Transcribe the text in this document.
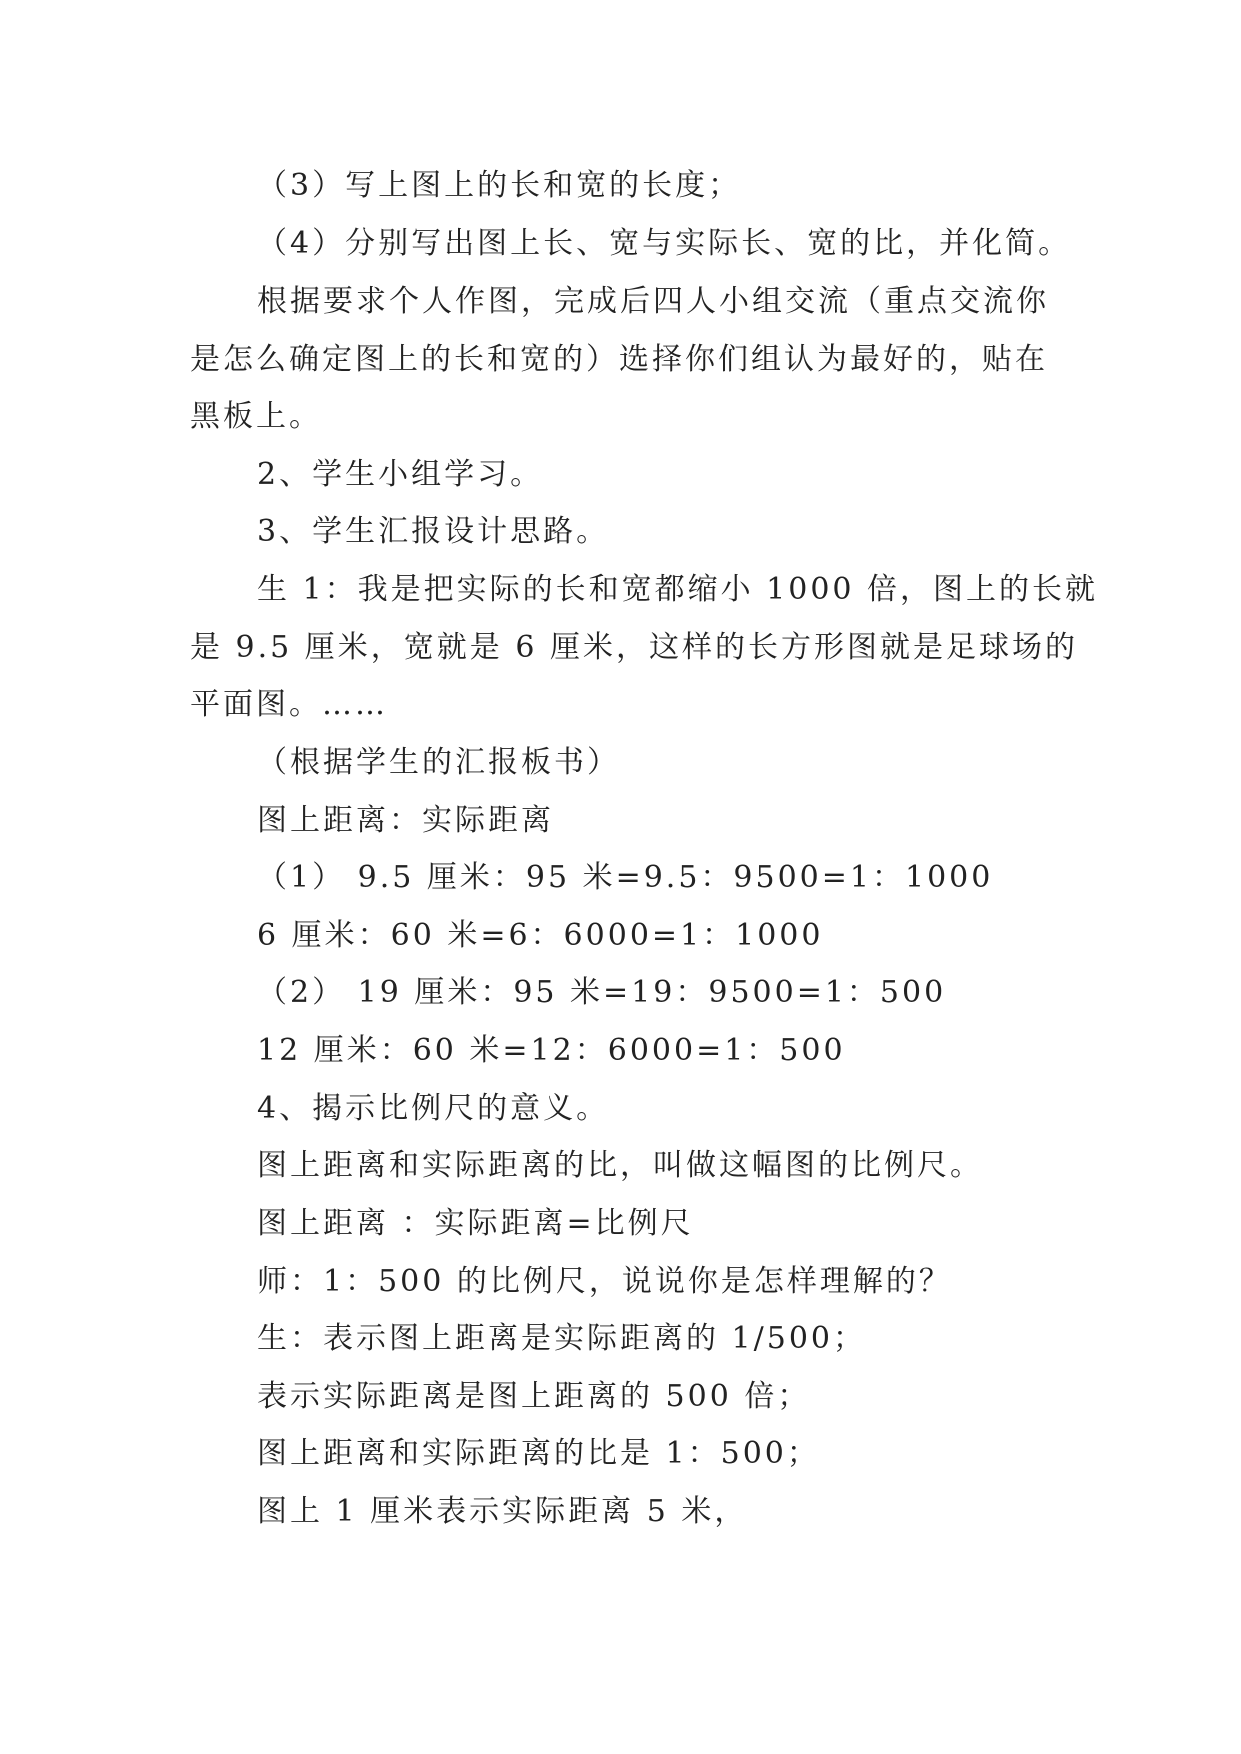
（3）写上图上的长和宽的长度；
（4）分别写出图上长、宽与实际长、宽的比，并化简。
根据要求个人作图，完成后四人小组交流（重点交流你
是怎么确定图上的长和宽的）选择你们组认为最好的，贴在
黑板上。
2、学生小组学习。
3、学生汇报设计思路。
生 1：我是把实际的长和宽都缩小 1000 倍，图上的长就
是 9.5 厘米，宽就是 6 厘米，这样的长方形图就是足球场的
平面图。……
（根据学生的汇报板书）
图上距离：实际距离
（1） 9.5 厘米：95 米=9.5：9500=1：1000
6 厘米：60 米=6：6000=1：1000
（2） 19 厘米：95 米=19：9500=1：500
12 厘米：60 米=12：6000=1：500
4、揭示比例尺的意义。
图上距离和实际距离的比，叫做这幅图的比例尺。
图上距离 ：实际距离=比例尺
师：1：500 的比例尺，说说你是怎样理解的？
生：表示图上距离是实际距离的 1/500；
表示实际距离是图上距离的 500 倍；
图上距离和实际距离的比是 1：500；
图上 1 厘米表示实际距离 5 米，
